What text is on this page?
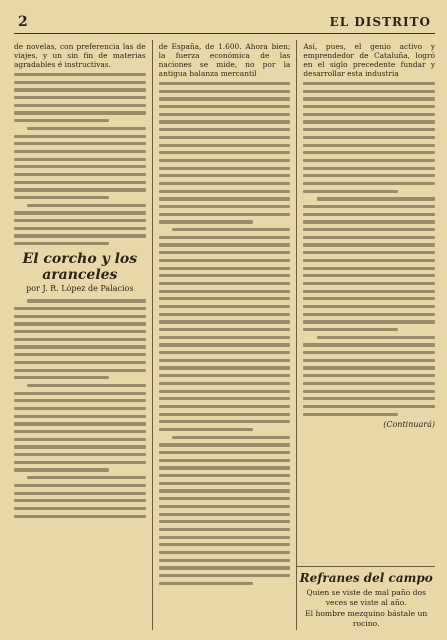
2	EL DISTRITO

de novelas, con preferencia las de viajes, y un sin fin de materias agradables é instructivas.

El corcho y los aranceles
por J. R. López de Palacios

de España, de 1.600. Ahora bien; la fuerza económica de las naciones se mide, no por la antigua balanza mercantil

Así, pues, el genio activo y emprendedor de Cataluña, logró en el siglo precedente fundar y desarrollar esta industria

(Continuará)
Refranes del campo

Quien se viste de mal paño dos veces se viste al año.

El hombre mezquino bástale un rocino.
